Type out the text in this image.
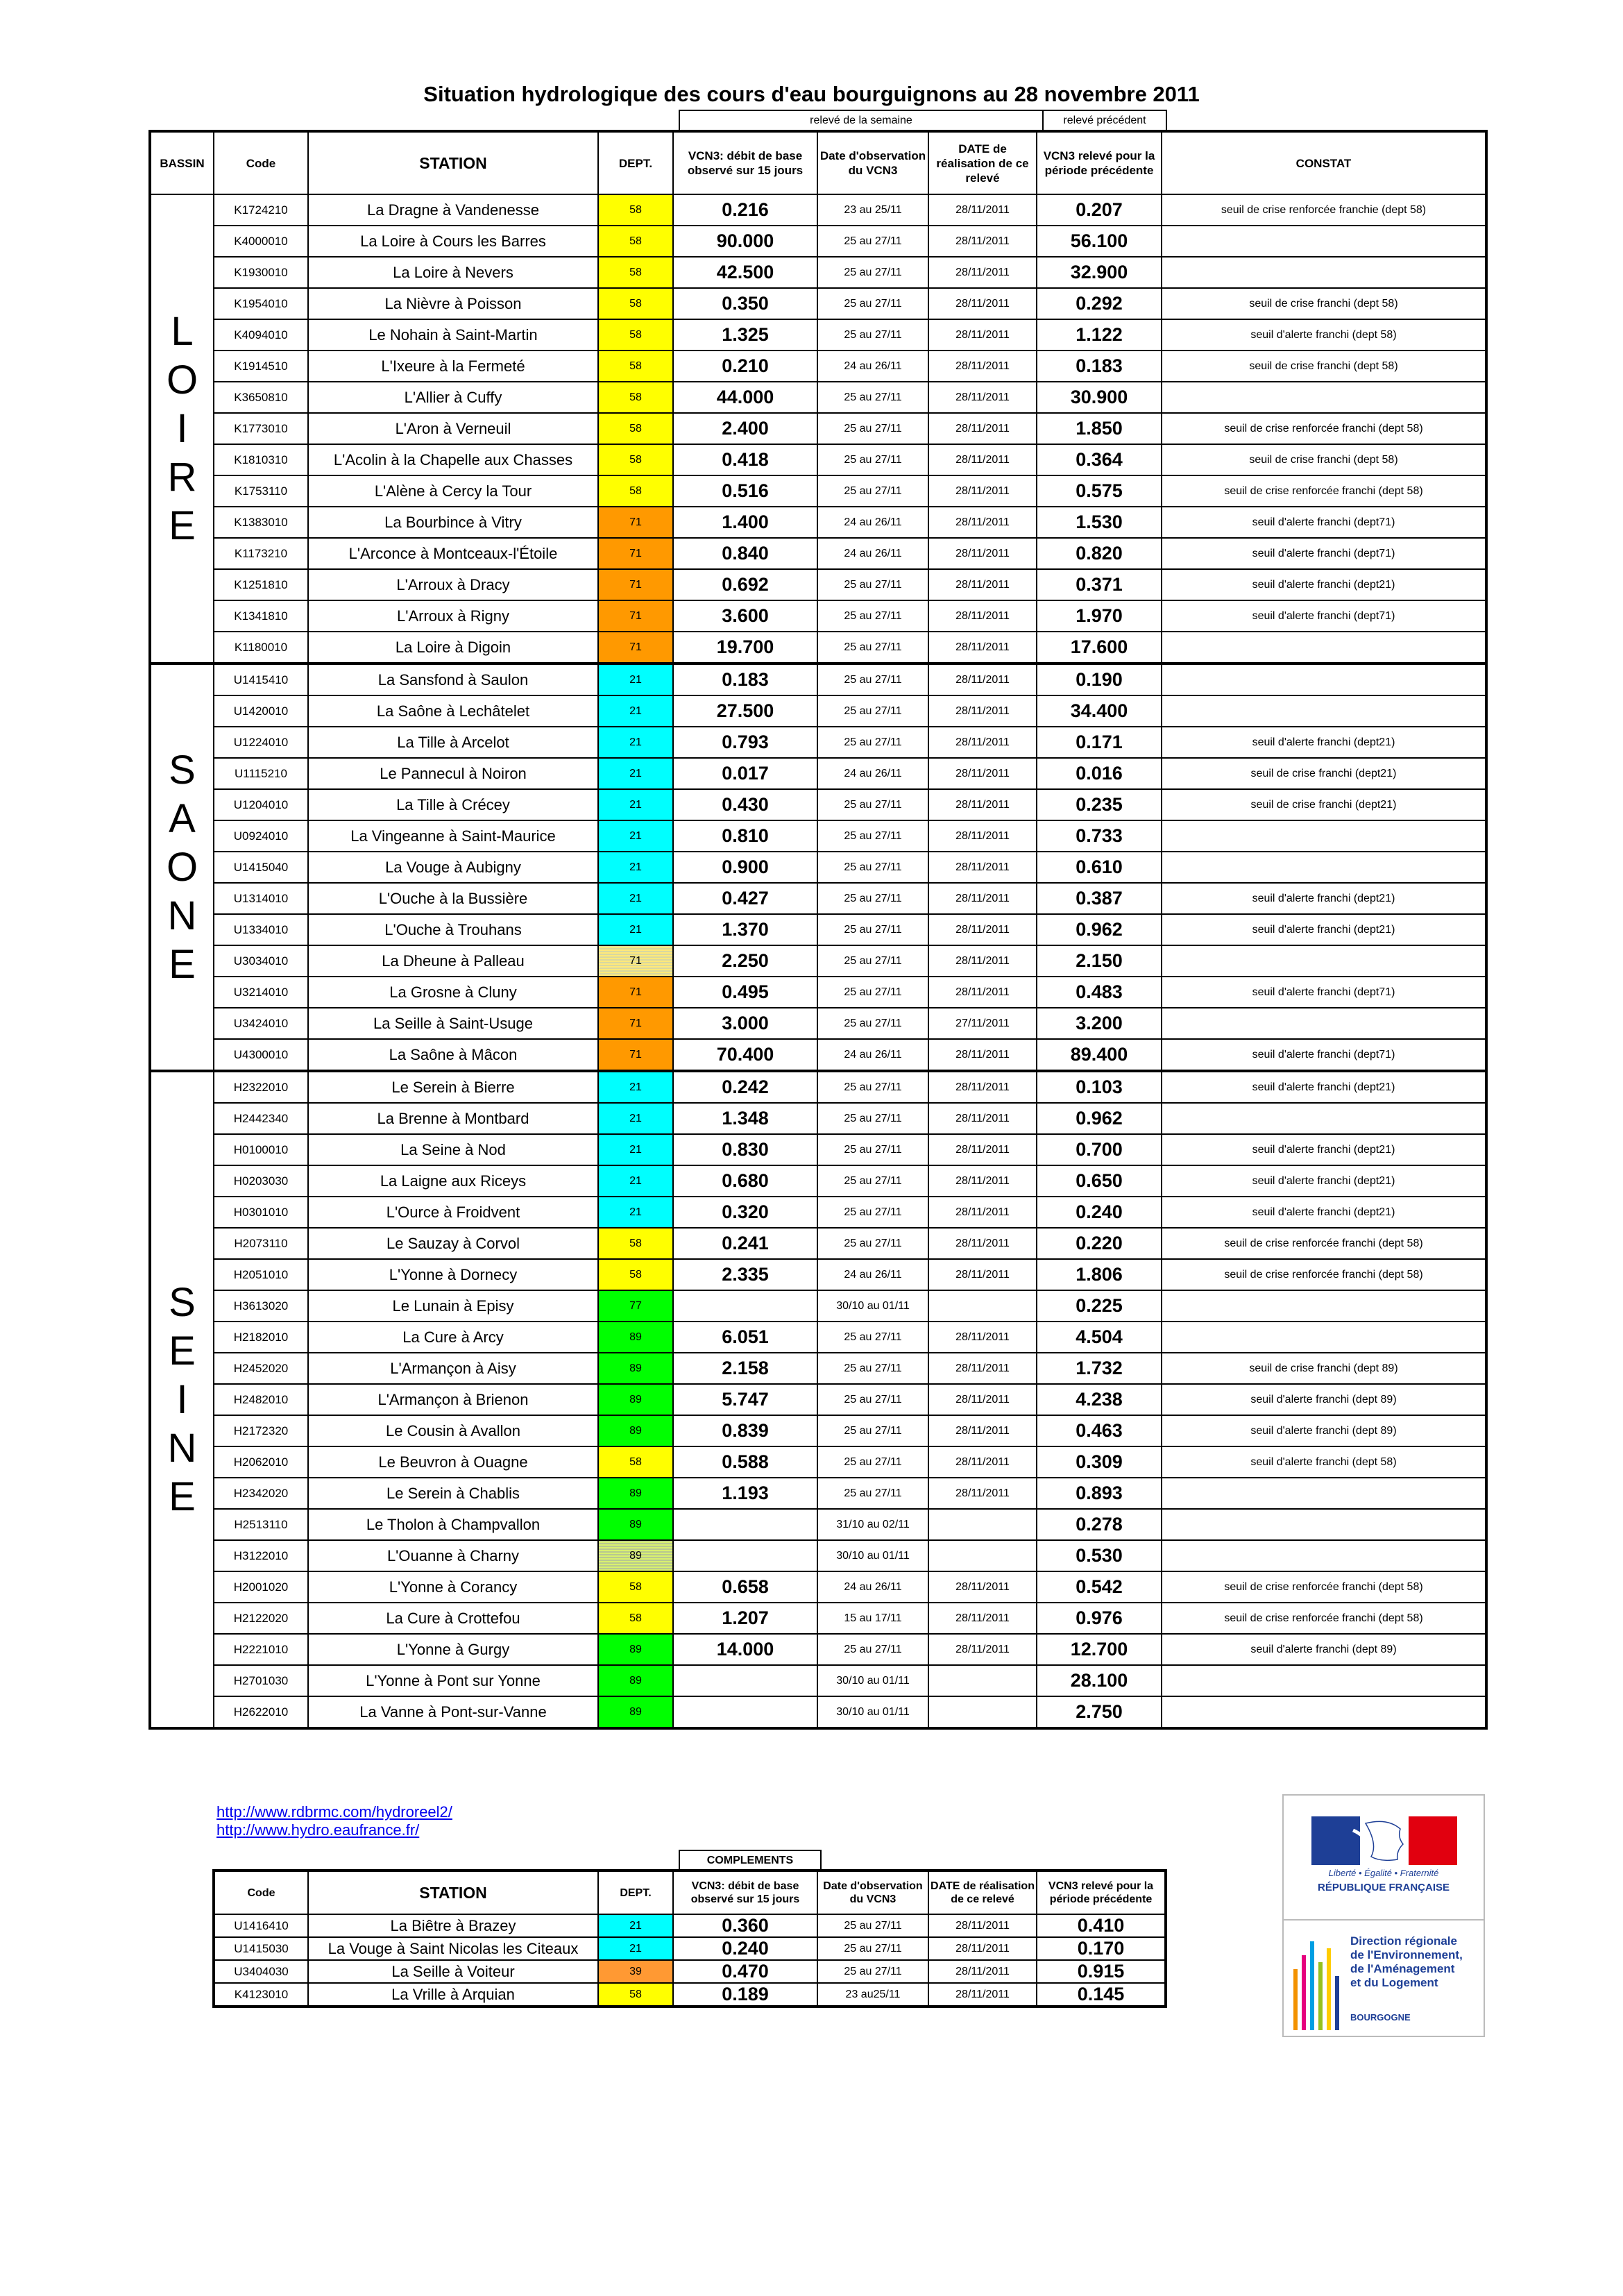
Situation hydrologique des cours d'eau bourguignons au 28 novembre 2011
relevé de la semaine	relevé précédent
BASSIN	Code	STATION	DEPT.	VCN3: débit de base observé sur 15 jours	Date d'observation du VCN3	DATE de réalisation de ce relevé	VCN3 relevé pour la période précédente	CONSTAT

L
O
I
R
E	K1724210	La Dragne à Vandenesse	58	0.216	23 au 25/11	28/11/2011	0.207	seuil de crise renforcée franchie (dept 58)
	K4000010	La Loire à Cours les Barres	58	90.000	25 au 27/11	28/11/2011	56.100	
	K1930010	La Loire à Nevers	58	42.500	25 au 27/11	28/11/2011	32.900	
	K1954010	La Nièvre à Poisson	58	0.350	25 au 27/11	28/11/2011	0.292	seuil de crise franchi (dept 58)
	K4094010	Le Nohain à Saint-Martin	58	1.325	25 au 27/11	28/11/2011	1.122	seuil d'alerte franchi (dept 58)
	K1914510	L'Ixeure à la Fermeté	58	0.210	24 au 26/11	28/11/2011	0.183	seuil de crise franchi (dept 58)
	K3650810	L'Allier à Cuffy	58	44.000	25 au 27/11	28/11/2011	30.900	
	K1773010	L'Aron à Verneuil	58	2.400	25 au 27/11	28/11/2011	1.850	seuil de crise renforcée franchi (dept 58)
	K1810310	L'Acolin à la Chapelle aux Chasses	58	0.418	25 au 27/11	28/11/2011	0.364	seuil de crise franchi (dept 58)
	K1753110	L'Alène à Cercy la Tour	58	0.516	25 au 27/11	28/11/2011	0.575	seuil de crise renforcée franchi (dept 58)
	K1383010	La Bourbince à Vitry	71	1.400	24 au 26/11	28/11/2011	1.530	seuil d'alerte franchi (dept71)
	K1173210	L'Arconce à Montceaux-l'Étoile	71	0.840	24 au 26/11	28/11/2011	0.820	seuil d'alerte franchi (dept71)
	K1251810	L'Arroux à Dracy	71	0.692	25 au 27/11	28/11/2011	0.371	seuil d'alerte franchi (dept21)
	K1341810	L'Arroux à Rigny	71	3.600	25 au 27/11	28/11/2011	1.970	seuil d'alerte franchi (dept71)
	K1180010	La Loire à Digoin	71	19.700	25 au 27/11	28/11/2011	17.600	

S
A
O
N
E	U1415410	La Sansfond à Saulon	21	0.183	25 au 27/11	28/11/2011	0.190	
	U1420010	La Saône à Lechâtelet	21	27.500	25 au 27/11	28/11/2011	34.400	
	U1224010	La Tille à Arcelot	21	0.793	25 au 27/11	28/11/2011	0.171	seuil d'alerte franchi (dept21)
	U1115210	Le Pannecul à Noiron	21	0.017	24 au 26/11	28/11/2011	0.016	seuil de crise franchi (dept21)
	U1204010	La Tille à Crécey	21	0.430	25 au 27/11	28/11/2011	0.235	seuil de crise franchi (dept21)
	U0924010	La Vingeanne à Saint-Maurice	21	0.810	25 au 27/11	28/11/2011	0.733	
	U1415040	La Vouge à Aubigny	21	0.900	25 au 27/11	28/11/2011	0.610	
	U1314010	L'Ouche à la Bussière	21	0.427	25 au 27/11	28/11/2011	0.387	seuil d'alerte franchi (dept21)
	U1334010	L'Ouche à Trouhans	21	1.370	25 au 27/11	28/11/2011	0.962	seuil d'alerte franchi (dept21)
	U3034010	La Dheune à Palleau	71	2.250	25 au 27/11	28/11/2011	2.150	
	U3214010	La Grosne à Cluny	71	0.495	25 au 27/11	28/11/2011	0.483	seuil d'alerte franchi (dept71)
	U3424010	La Seille à Saint-Usuge	71	3.000	25 au 27/11	27/11/2011	3.200	
	U4300010	La Saône à Mâcon	71	70.400	24 au 26/11	28/11/2011	89.400	seuil d'alerte franchi (dept71)

S
E
I
N
E	H2322010	Le Serein à Bierre	21	0.242	25 au 27/11	28/11/2011	0.103	seuil d'alerte franchi (dept21)
	H2442340	La Brenne à Montbard	21	1.348	25 au 27/11	28/11/2011	0.962	
	H0100010	La Seine à Nod	21	0.830	25 au 27/11	28/11/2011	0.700	seuil d'alerte franchi (dept21)
	H0203030	La Laigne aux Riceys	21	0.680	25 au 27/11	28/11/2011	0.650	seuil d'alerte franchi (dept21)
	H0301010	L'Ource à Froidvent	21	0.320	25 au 27/11	28/11/2011	0.240	seuil d'alerte franchi (dept21)
	H2073110	Le Sauzay à Corvol	58	0.241	25 au 27/11	28/11/2011	0.220	seuil de crise renforcée franchi (dept 58)
	H2051010	L'Yonne à Dornecy	58	2.335	24 au 26/11	28/11/2011	1.806	seuil de crise renforcée franchi (dept 58)
	H3613020	Le Lunain à Episy	77		30/10 au 01/11		0.225	
	H2182010	La Cure à Arcy	89	6.051	25 au 27/11	28/11/2011	4.504	
	H2452020	L'Armançon à Aisy	89	2.158	25 au 27/11	28/11/2011	1.732	seuil de crise franchi (dept 89)
	H2482010	L'Armançon à Brienon	89	5.747	25 au 27/11	28/11/2011	4.238	seuil d'alerte franchi (dept 89)
	H2172320	Le Cousin à Avallon	89	0.839	25 au 27/11	28/11/2011	0.463	seuil d'alerte franchi (dept 89)
	H2062010	Le Beuvron à Ouagne	58	0.588	25 au 27/11	28/11/2011	0.309	seuil d'alerte franchi (dept 58)
	H2342020	Le Serein à Chablis	89	1.193	25 au 27/11	28/11/2011	0.893	
	H2513110	Le Tholon à Champvallon	89		31/10 au 02/11		0.278	
	H3122010	L'Ouanne à Charny	89		30/10 au 01/11		0.530	
	H2001020	L'Yonne à Corancy	58	0.658	24 au 26/11	28/11/2011	0.542	seuil de crise renforcée franchi (dept 58)
	H2122020	La Cure à Crottefou	58	1.207	15 au 17/11	28/11/2011	0.976	seuil de crise renforcée franchi (dept 58)
	H2221010	L'Yonne à Gurgy	89	14.000	25 au 27/11	28/11/2011	12.700	seuil d'alerte franchi (dept 89)
	H2701030	L'Yonne à Pont sur Yonne	89		30/10 au 01/11		28.100	
	H2622010	La Vanne à Pont-sur-Vanne	89		30/10 au 01/11		2.750	
http://www.rdbrmc.com/hydroreel2/
http://www.hydro.eaufrance.fr/
COMPLEMENTS
Code	STATION	DEPT.	VCN3: débit de base observé sur 15 jours	Date d'observation du VCN3	DATE de réalisation de ce relevé	VCN3 relevé pour la période précédente
U1416410	La Biêtre à Brazey	21	0.360	25 au 27/11	28/11/2011	0.410
U1415030	La Vouge à Saint Nicolas les Citeaux	21	0.240	25 au 27/11	28/11/2011	0.170
U3404030	La Seille à Voiteur	39	0.470	25 au 27/11	28/11/2011	0.915
K4123010	La Vrille à Arquian	58	0.189	23 au25/11	28/11/2011	0.145
Liberté • Égalité • Fraternité
RÉPUBLIQUE FRANÇAISE
Direction régionale
de l'Environnement,
de l'Aménagement
et du Logement
BOURGOGNE
